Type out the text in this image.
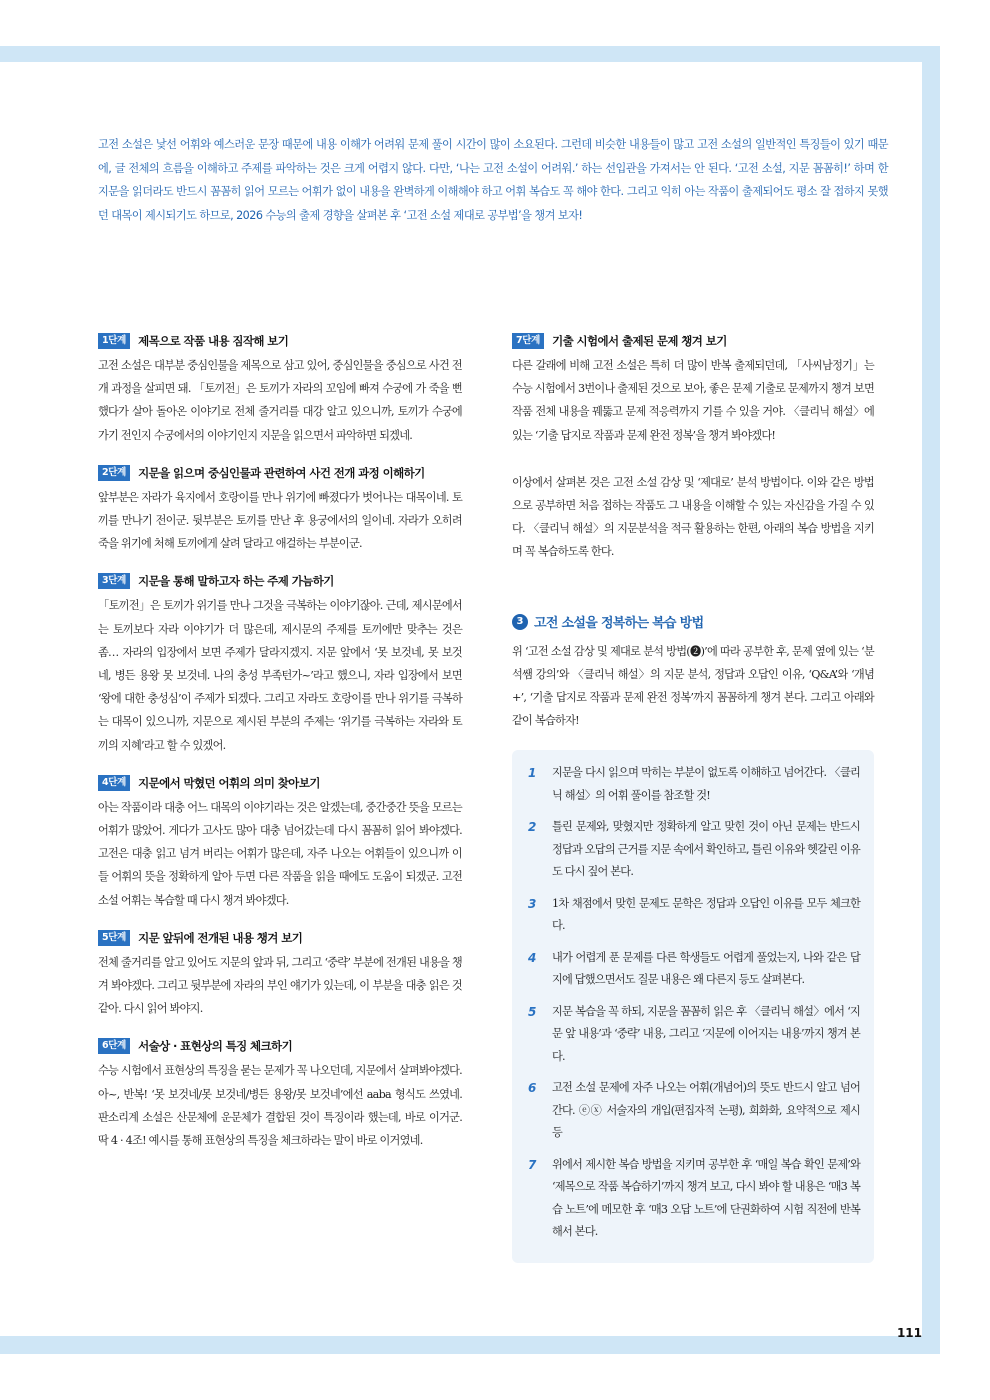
고전 소설은 낯선 어휘와 예스러운 문장 때문에 내용 이해가 어려워 문제 풀이 시간이 많이 소요된다. 그런데 비슷한 내용들이 많고 고전 소설의 일반적인 특징들이 있기 때문에, 글 전체의 흐름을 이해하고 주제를 파악하는 것은 크게 어렵지 않다. 다만, ‘나는 고전 소설이 어려워.’ 하는 선입관을 가져서는 안 된다. ‘고전 소설, 지문 꼼꼼히!’ 하며 한 지문을 읽더라도 반드시 꼼꼼히 읽어 모르는 어휘가 없이 내용을 완벽하게 이해해야 하고 어휘 복습도 꼭 해야 한다. 그리고 익히 아는 작품이 출제되어도 평소 잘 접하지 못했던 대목이 제시되기도 하므로, 2026 수능의 출제 경향을 살펴본 후 ‘고전 소설 제대로 공부법’을 챙겨 보자!

1단계	제목으로 작품 내용 짐작해 보기
고전 소설은 대부분 중심인물을 제목으로 삼고 있어, 중심인물을 중심으로 사건 전개 과정을 살피면 돼. 「토끼전」은 토끼가 자라의 꼬임에 빠져 수궁에 가 죽을 뻔했다가 살아 돌아온 이야기로 전체 줄거리를 대강 알고 있으니까, 토끼가 수궁에 가기 전인지 수궁에서의 이야기인지 지문을 읽으면서 파악하면 되겠네.
2단계	지문을 읽으며 중심인물과 관련하여 사건 전개 과정 이해하기
앞부분은 자라가 육지에서 호랑이를 만나 위기에 빠졌다가 벗어나는 대목이네. 토끼를 만나기 전이군. 뒷부분은 토끼를 만난 후 용궁에서의 일이네. 자라가 오히려 죽을 위기에 처해 토끼에게 살려 달라고 애걸하는 부분이군.
3단계	지문을 통해 말하고자 하는 주제 가늠하기
「토끼전」은 토끼가 위기를 만나 그것을 극복하는 이야기잖아. 근데, 제시문에서는 토끼보다 자라 이야기가 더 많은데, 제시문의 주제를 토끼에만 맞추는 것은 좀… 자라의 입장에서 보면 주제가 달라지겠지. 지문 앞에서 ‘못 보것네, 못 보것네, 병든 용왕 못 보것네. 나의 충성 부족턴가~’라고 했으니, 자라 입장에서 보면 ‘왕에 대한 충성심’이 주제가 되겠다. 그리고 자라도 호랑이를 만나 위기를 극복하는 대목이 있으니까, 지문으로 제시된 부분의 주제는 ‘위기를 극복하는 자라와 토끼의 지혜’라고 할 수 있겠어.
4단계	지문에서 막혔던 어휘의 의미 찾아보기
아는 작품이라 대충 어느 대목의 이야기라는 것은 알겠는데, 중간중간 뜻을 모르는 어휘가 많았어. 게다가 고사도 많아 대충 넘어갔는데 다시 꼼꼼히 읽어 봐야겠다. 고전은 대충 읽고 넘겨 버리는 어휘가 많은데, 자주 나오는 어휘들이 있으니까 이들 어휘의 뜻을 정확하게 알아 두면 다른 작품을 읽을 때에도 도움이 되겠군. 고전 소설 어휘는 복습할 때 다시 챙겨 봐야겠다.
5단계	지문 앞뒤에 전개된 내용 챙겨 보기
전체 줄거리를 알고 있어도 지문의 앞과 뒤, 그리고 ‘중략’ 부분에 전개된 내용을 챙겨 봐야겠다. 그리고 뒷부분에 자라의 부인 얘기가 있는데, 이 부분을 대충 읽은 것 같아. 다시 읽어 봐야지.
6단계	서술상 · 표현상의 특징 체크하기
수능 시험에서 표현상의 특징을 묻는 문제가 꼭 나오던데, 지문에서 살펴봐야겠다. 아~, 반복! ‘못 보것네/못 보것네/병든 용왕/못 보것네’에선 aaba 형식도 쓰였네. 판소리계 소설은 산문체에 운문체가 결합된 것이 특징이라 했는데, 바로 이거군. 딱 4 · 4조! 예시를 통해 표현상의 특징을 체크하라는 말이 바로 이거였네.
7단계	기출 시험에서 출제된 문제 챙겨 보기
다른 갈래에 비해 고전 소설은 특히 더 많이 반복 출제되던데, 「사씨남정기」는 수능 시험에서 3번이나 출제된 것으로 보아, 좋은 문제 기출로 문제까지 챙겨 보면 작품 전체 내용을 꿰뚫고 문제 적응력까지 기를 수 있을 거야. 〈클리닉 해설〉에 있는 ‘기출 답지로 작품과 문제 완전 정복’을 챙겨 봐야겠다!
이상에서 살펴본 것은 고전 소설 감상 및 ‘제대로’ 분석 방법이다. 이와 같은 방법으로 공부하면 처음 접하는 작품도 그 내용을 이해할 수 있는 자신감을 가질 수 있다. 〈클리닉 해설〉의 지문분석을 적극 활용하는 한편, 아래의 복습 방법을 지키며 꼭 복습하도록 한다.
3 고전 소설을 정복하는 복습 방법
위 ‘고전 소설 감상 및 제대로 분석 방법(❷)’에 따라 공부한 후, 문제 옆에 있는 ‘분석쌤 강의’와 〈클리닉 해설〉의 지문 분석, 정답과 오답인 이유, ‘Q&A’와 ‘개념 +’, ‘기출 답지로 작품과 문제 완전 정복’까지 꼼꼼하게 챙겨 본다. 그리고 아래와 같이 복습하자!
1	지문을 다시 읽으며 막히는 부분이 없도록 이해하고 넘어간다. 〈클리닉 해설〉의 어휘 풀이를 참조할 것!
2	틀린 문제와, 맞혔지만 정확하게 알고 맞힌 것이 아닌 문제는 반드시 정답과 오답의 근거를 지문 속에서 확인하고, 틀린 이유와 헷갈린 이유도 다시 짚어 본다.
3	1차 채점에서 맞힌 문제도 문학은 정답과 오답인 이유를 모두 체크한다.
4	내가 어렵게 푼 문제를 다른 학생들도 어렵게 풀었는지, 나와 같은 답지에 답했으면서도 질문 내용은 왜 다른지 등도 살펴본다.
5	지문 복습을 꼭 하되, 지문을 꼼꼼히 읽은 후 〈클리닉 해설〉에서 ‘지문 앞 내용’과 ‘중략’ 내용, 그리고 ‘지문에 이어지는 내용’까지 챙겨 본다.
6	고전 소설 문제에 자주 나오는 어휘(개념어)의 뜻도 반드시 알고 넘어간다. ⓔⓧ 서술자의 개입(편집자적 논평), 희화화, 요약적으로 제시 등
7	위에서 제시한 복습 방법을 지키며 공부한 후 ‘매일 복습 확인 문제’와 ‘제목으로 작품 복습하기’까지 챙겨 보고, 다시 봐야 할 내용은 ‘매3 복습 노트’에 메모한 후 ‘매3 오답 노트’에 단권화하여 시험 직전에 반복해서 본다.
111
